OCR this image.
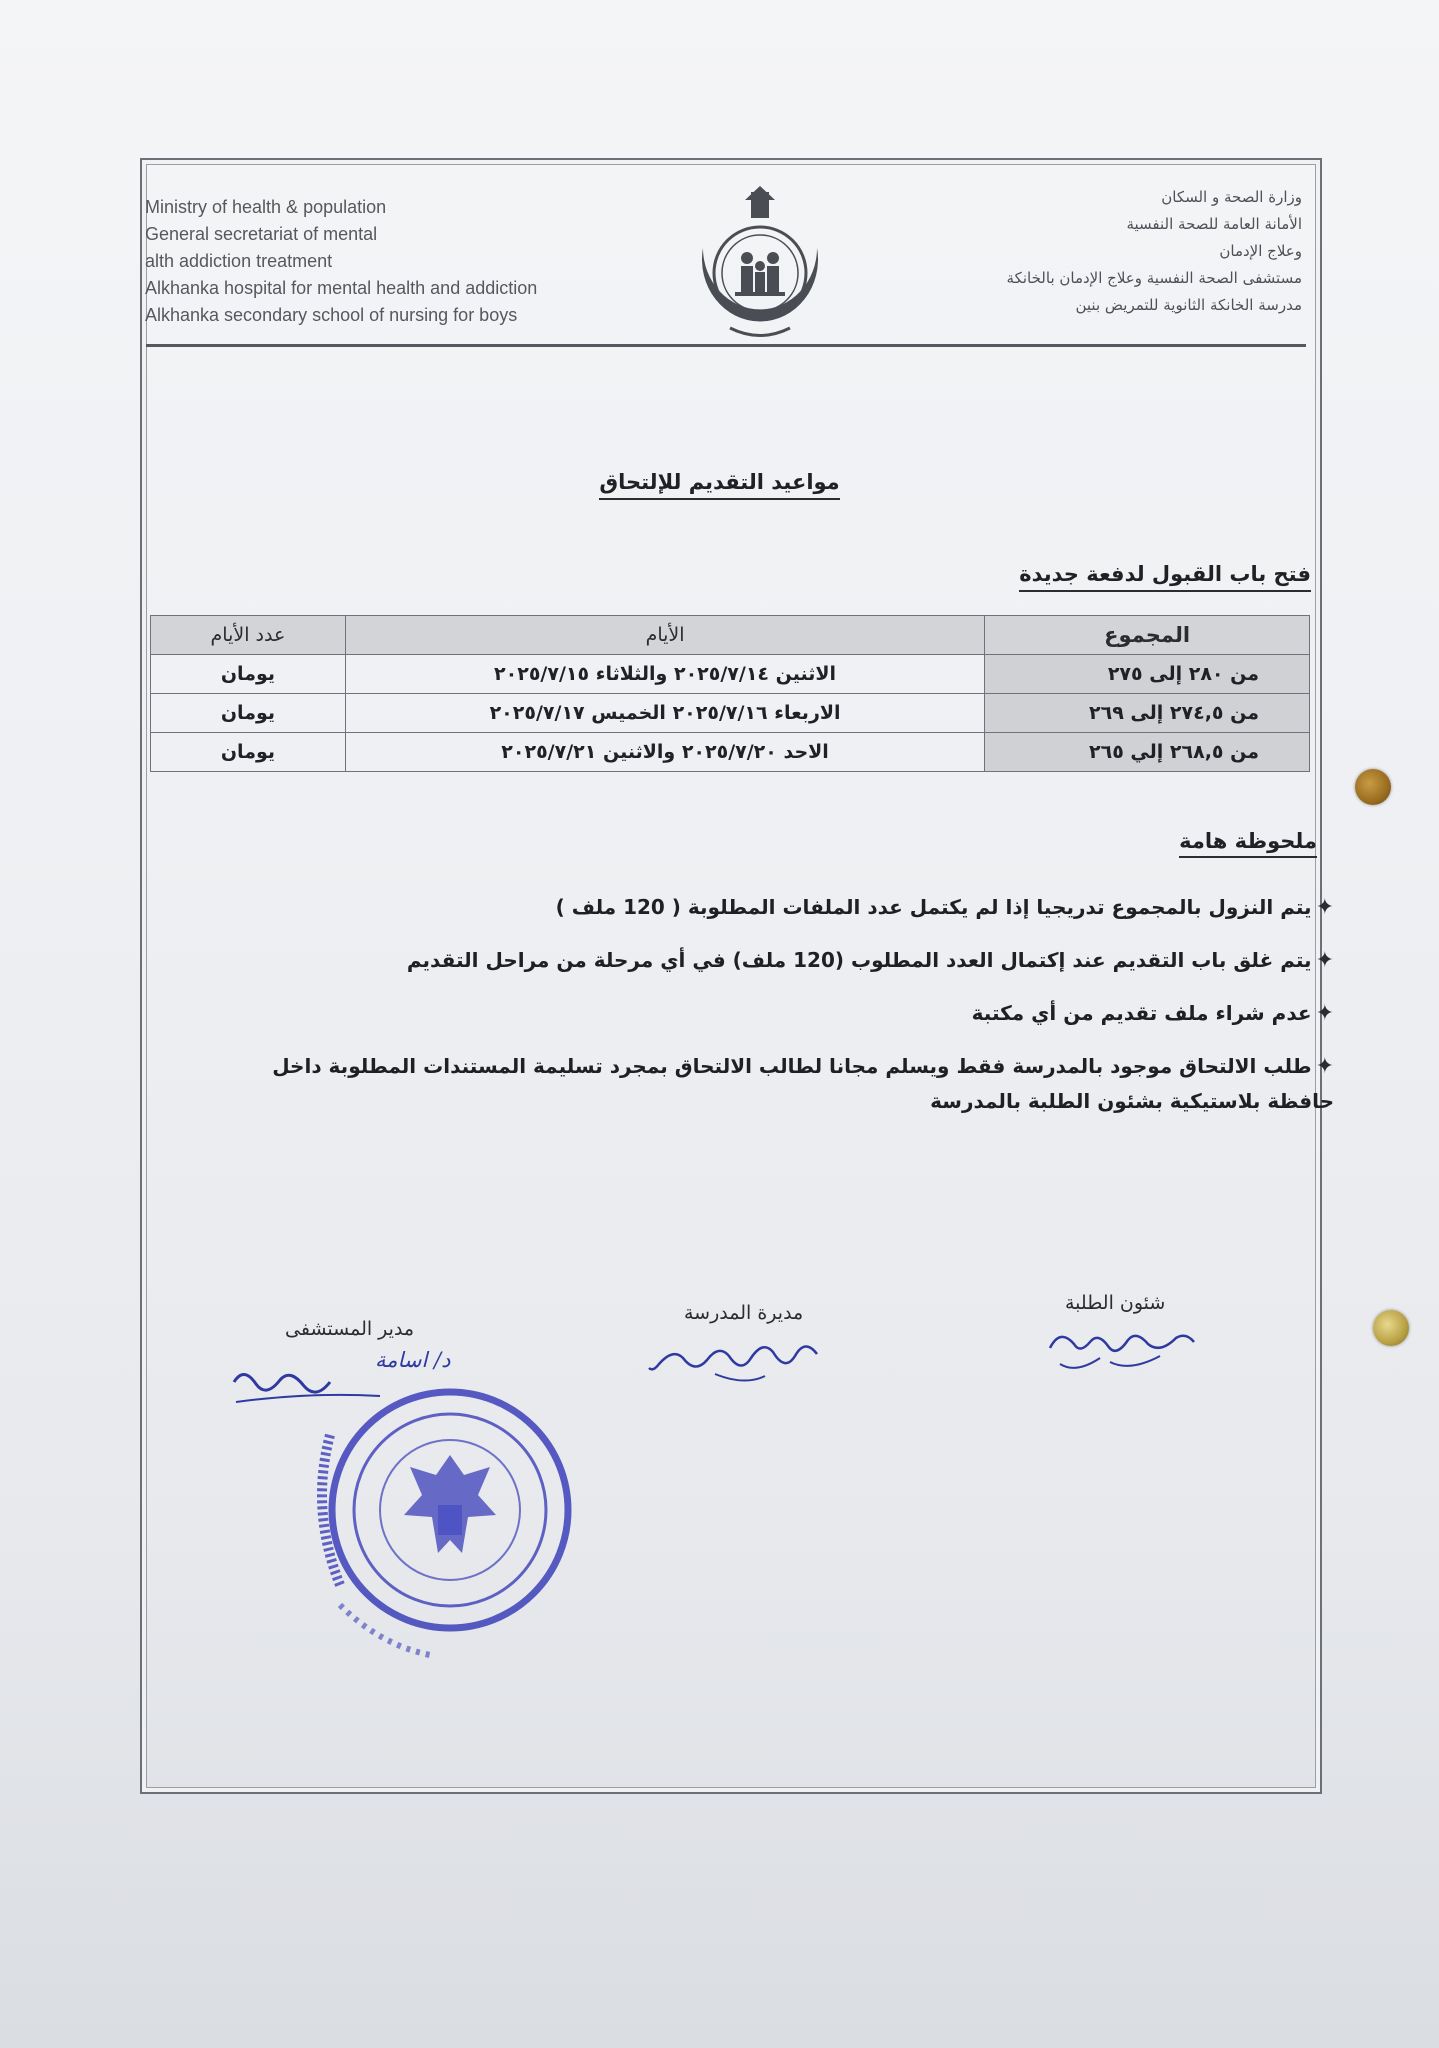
Ministry of health & population
General secretariat of mental
alth addiction treatment
Alkhanka hospital for mental health and addiction
Alkhanka secondary school of nursing for boys
وزارة الصحة و السكان
الأمانة العامة للصحة النفسية
وعلاج الإدمان
مستشفى الصحة النفسية وعلاج الإدمان بالخانكة
مدرسة الخانكة الثانوية للتمريض بنين
مواعيد التقديم للإلتحاق
فتح باب القبول لدفعة جديدة
المجموع	الأيام	عدد الأيام
من ٢٨٠ إلى ٢٧٥	الاثنين ٢٠٢٥/٧/١٤ والثلاثاء ٢٠٢٥/٧/١٥	يومان
من ٢٧٤,٥ إلى ٢٦٩	الاربعاء ٢٠٢٥/٧/١٦ الخميس ٢٠٢٥/٧/١٧	يومان
من ٢٦٨,٥ إلي ٢٦٥	الاحد ٢٠٢٥/٧/٢٠ والاثنين ٢٠٢٥/٧/٢١	يومان
ملحوظة هامة
✦يتم النزول بالمجموع تدريجيا إذا لم يكتمل عدد الملفات المطلوبة ( 120 ملف )
✦يتم غلق باب التقديم عند إكتمال العدد المطلوب (120 ملف) في أي مرحلة من مراحل التقديم
✦عدم شراء ملف تقديم من أي مكتبة
✦طلب الالتحاق موجود بالمدرسة فقط ويسلم مجانا لطالب الالتحاق بمجرد تسليمة المستندات المطلوبة داخل حافظة بلاستيكية بشئون الطلبة بالمدرسة
شئون الطلبة
مديرة المدرسة
مدير المستشفى
د/ اسامة
